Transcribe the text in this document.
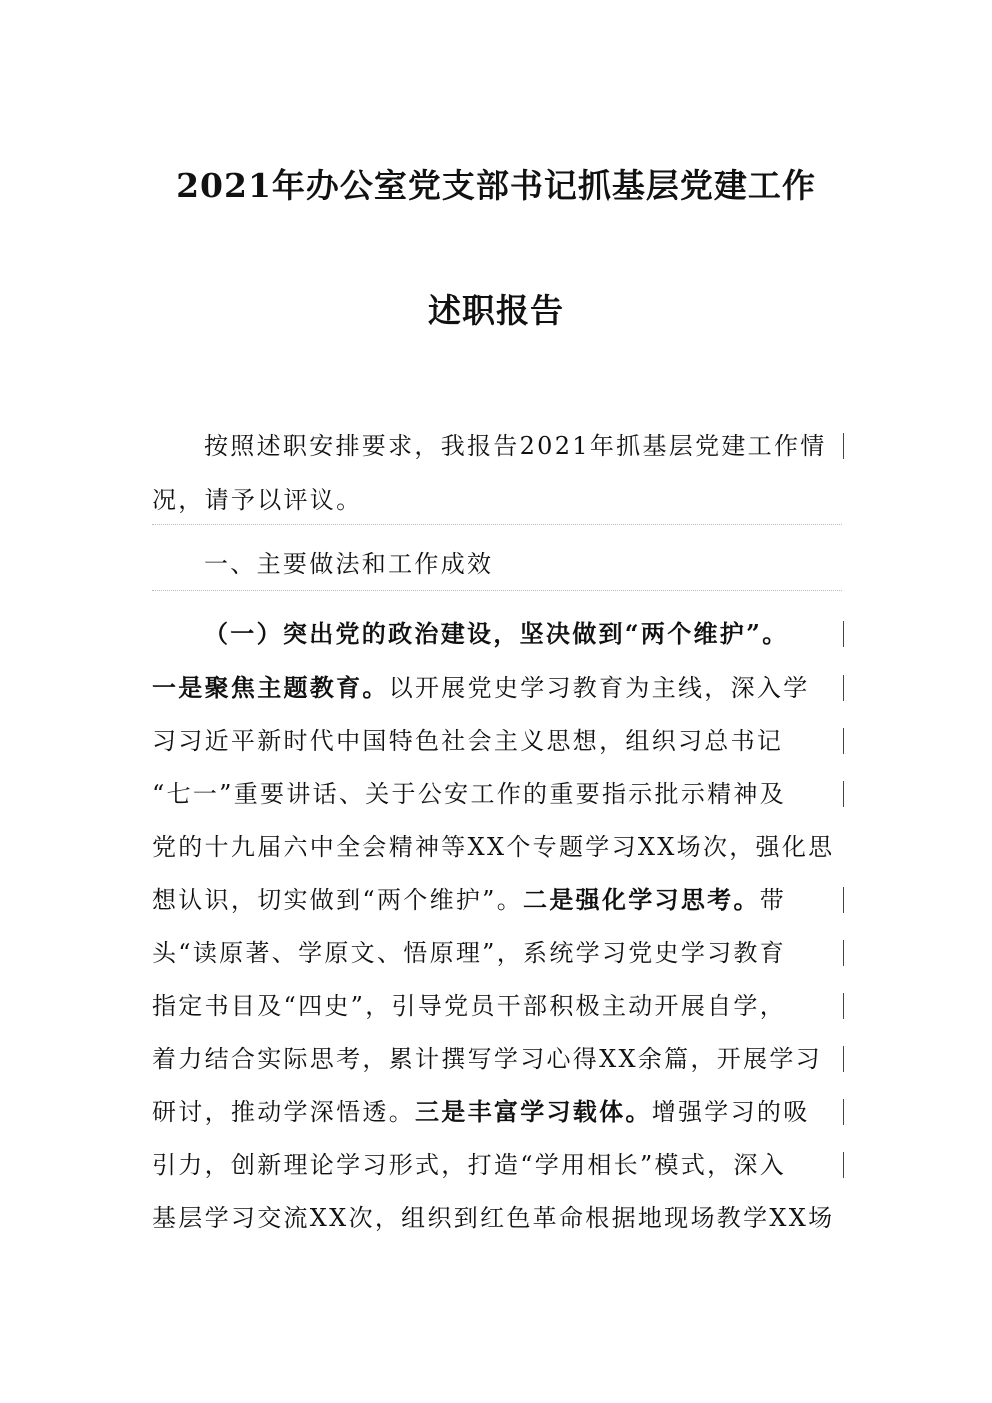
2021年办公室党支部书记抓基层党建工作
述职报告
按照述职安排要求，我报告2021年抓基层党建工作情
况，请予以评议。
一、主要做法和工作成效
（一）突出党的政治建设，坚决做到“两个维护”。
一是聚焦主题教育。以开展党史学习教育为主线，深入学
习习近平新时代中国特色社会主义思想，组织习总书记
“七一”重要讲话、关于公安工作的重要指示批示精神及
党的十九届六中全会精神等XX个专题学习XX场次，强化思
想认识，切实做到“两个维护”。二是强化学习思考。带
头“读原著、学原文、悟原理”，系统学习党史学习教育
指定书目及“四史”，引导党员干部积极主动开展自学，
着力结合实际思考，累计撰写学习心得XX余篇，开展学习
研讨，推动学深悟透。三是丰富学习载体。增强学习的吸
引力，创新理论学习形式，打造“学用相长”模式，深入
基层学习交流XX次，组织到红色革命根据地现场教学XX场
